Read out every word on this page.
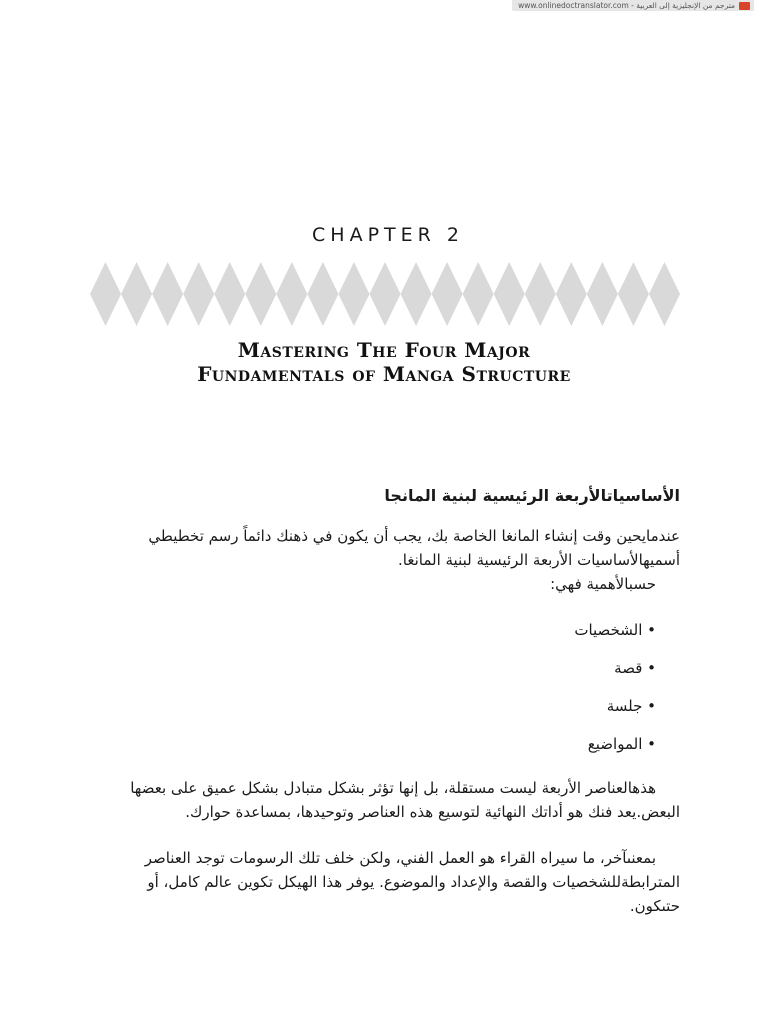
www.onlinedoctranslator.com - مترجم من الإنجليزية إلى العربية
CHAPTER 2
Mastering The Four Major
Fundamentals of Manga Structure
الأساسياتالأربعة الرئيسية لبنية المانجا
عندمايحين وقت إنشاء المانغا الخاصة بك، يجب أن يكون في ذهنك دائماً رسم تخطيطي
أسميهالأساسيات الأربعة الرئيسية لبنية المانغا.
حسبالأهمية فهي:
• الشخصيات
• قصة
• جلسة
• المواضيع
هذهالعناصر الأربعة ليست مستقلة، بل إنها تؤثر بشكل متبادل بشكل عميق على بعضها
البعض.يعد فنك هو أداتك النهائية لتوسيع هذه العناصر وتوحيدها، بمساعدة حوارك.
بمعنىآخر، ما سيراه القراء هو العمل الفني، ولكن خلف تلك الرسومات توجد العناصر
المترابطةللشخصيات والقصة والإعداد والموضوع. يوفر هذا الهيكل تكوين عالم كامل، أو
حتىكون.
